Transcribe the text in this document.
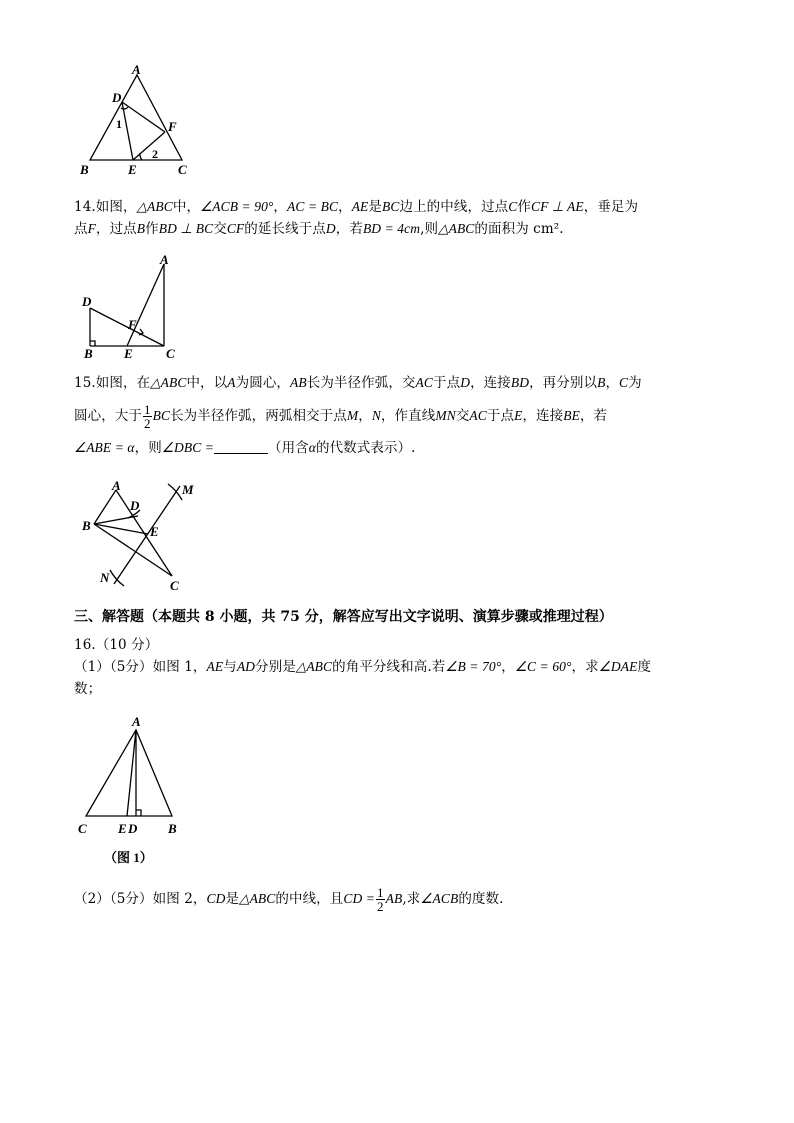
A
D
1	F
B	E
2
C
14.如图，△ABC中，∠ACB = 90°，AC = BC，AE是BC边上的中线，过点C作CF ⊥ AE，垂足为
点F，过点B作BD ⊥ BC交CF的延长线于点D，若BD = 4cm,则△ABC的面积为 cm².
A
D
F
B E	C
15.如图，在△ABC中，以A为圆心，AB长为半径作弧，交AC于点D，连接BD，再分别以B，C为
圆心，大于 $\frac{1}{2}$ BC长为半径作弧，两弧相交于点M，N，作直线MN交AC于点E，连接BE，若
∠ABE = α，则∠DBC =	（用含α的代数式表示）.
A	M
D
B	E
N
C
三、解答题（本题共 8 小题，共 75 分，解答应写出文字说明、演算步骤或推理过程）
16.（10 分）
（1）（5分）如图 1，AE与AD分别是△ABC的角平分线和高.若∠B = 70°，∠C = 60°，求∠DAE度
数；
A
C E D B
（图 1）
（2）（5分）如图 2，CD是△ABC的中线，且CD = $\frac{1}{2}$ AB,求∠ACB的度数.
